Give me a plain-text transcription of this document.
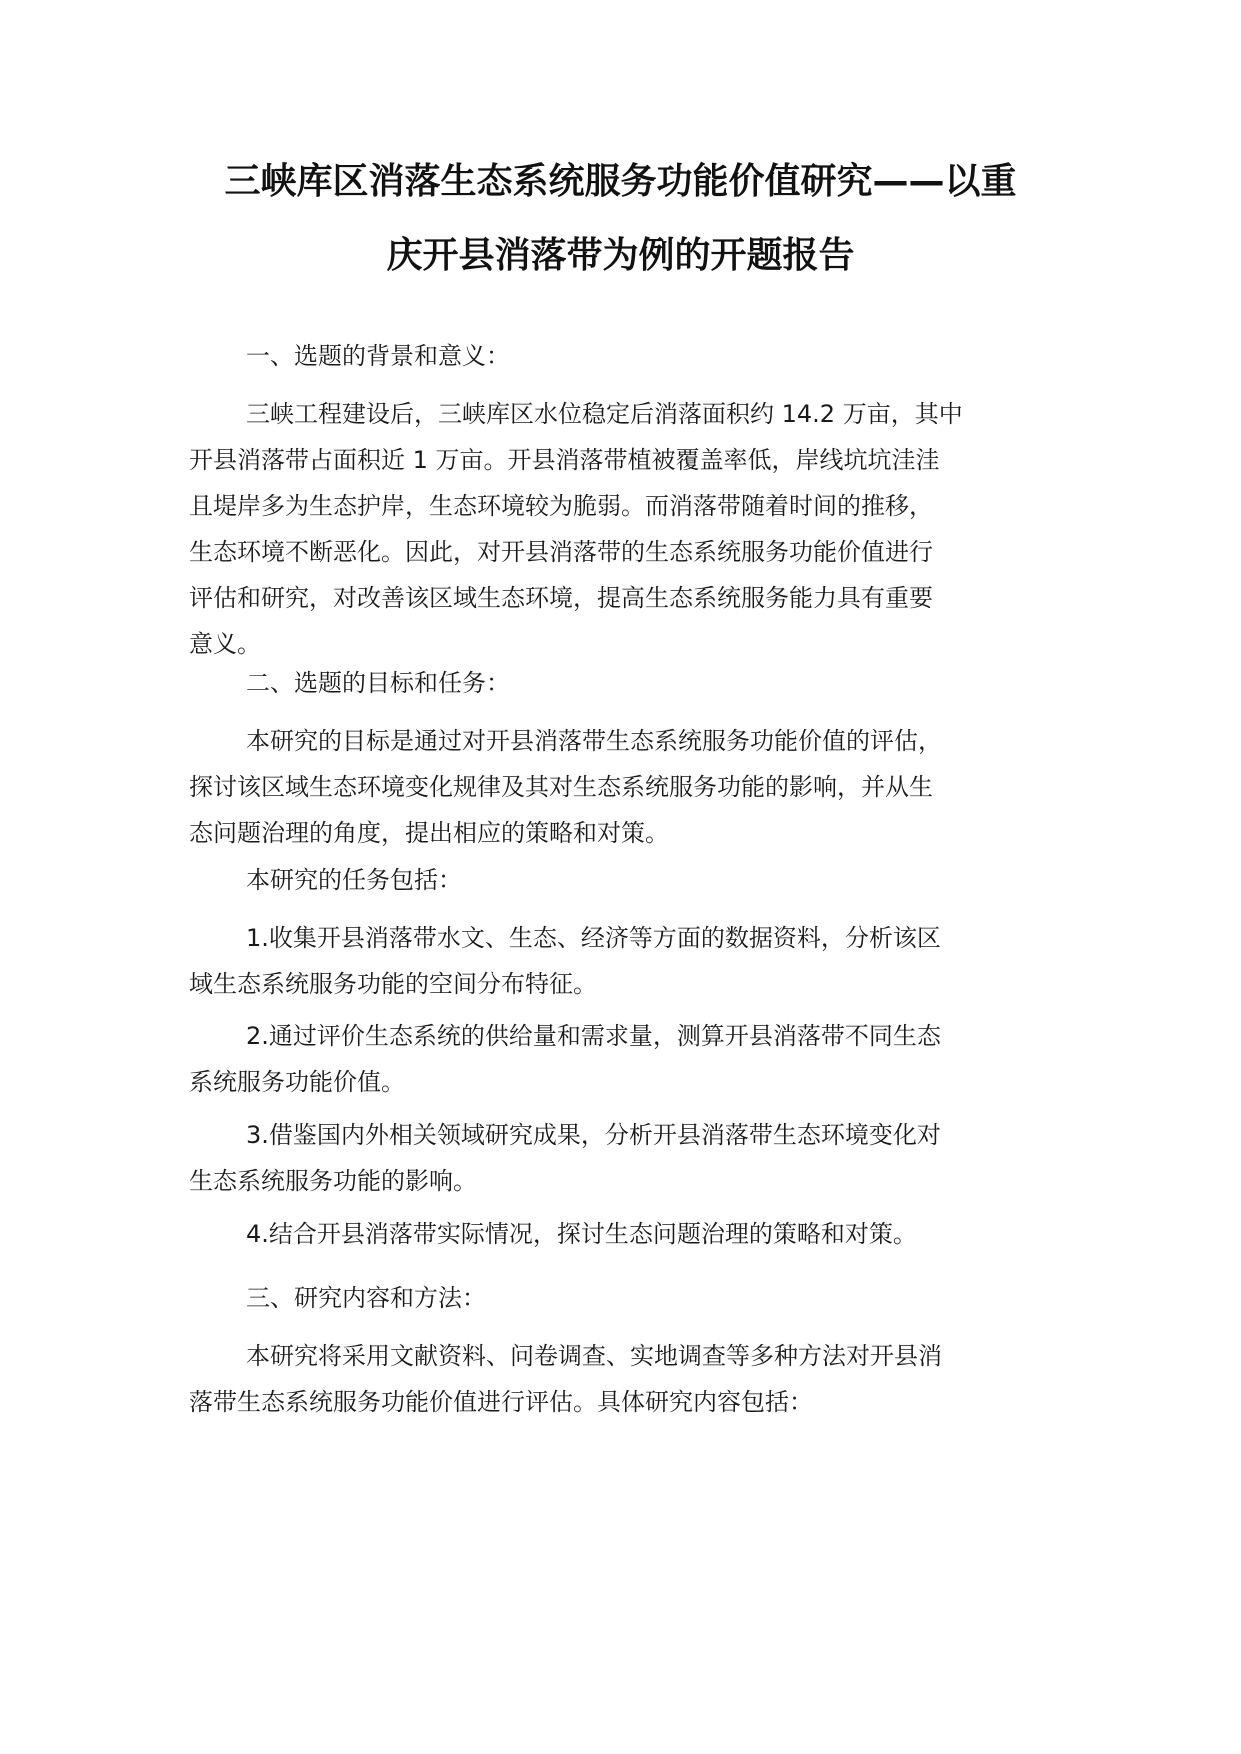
三峡库区消落生态系统服务功能价值研究——以重
庆开县消落带为例的开题报告
一、选题的背景和意义：
三峡工程建设后，三峡库区水位稳定后消落面积约 14.2 万亩，其中
开县消落带占面积近 1 万亩。开县消落带植被覆盖率低，岸线坑坑洼洼
且堤岸多为生态护岸，生态环境较为脆弱。而消落带随着时间的推移，
生态环境不断恶化。因此，对开县消落带的生态系统服务功能价值进行
评估和研究，对改善该区域生态环境，提高生态系统服务能力具有重要
意义。
二、选题的目标和任务：
本研究的目标是通过对开县消落带生态系统服务功能价值的评估，
探讨该区域生态环境变化规律及其对生态系统服务功能的影响，并从生
态问题治理的角度，提出相应的策略和对策。
本研究的任务包括：
1.收集开县消落带水文、生态、经济等方面的数据资料，分析该区
域生态系统服务功能的空间分布特征。
2.通过评价生态系统的供给量和需求量，测算开县消落带不同生态
系统服务功能价值。
3.借鉴国内外相关领域研究成果，分析开县消落带生态环境变化对
生态系统服务功能的影响。
4.结合开县消落带实际情况，探讨生态问题治理的策略和对策。
三、研究内容和方法：
本研究将采用文献资料、问卷调查、实地调查等多种方法对开县消
落带生态系统服务功能价值进行评估。具体研究内容包括：
